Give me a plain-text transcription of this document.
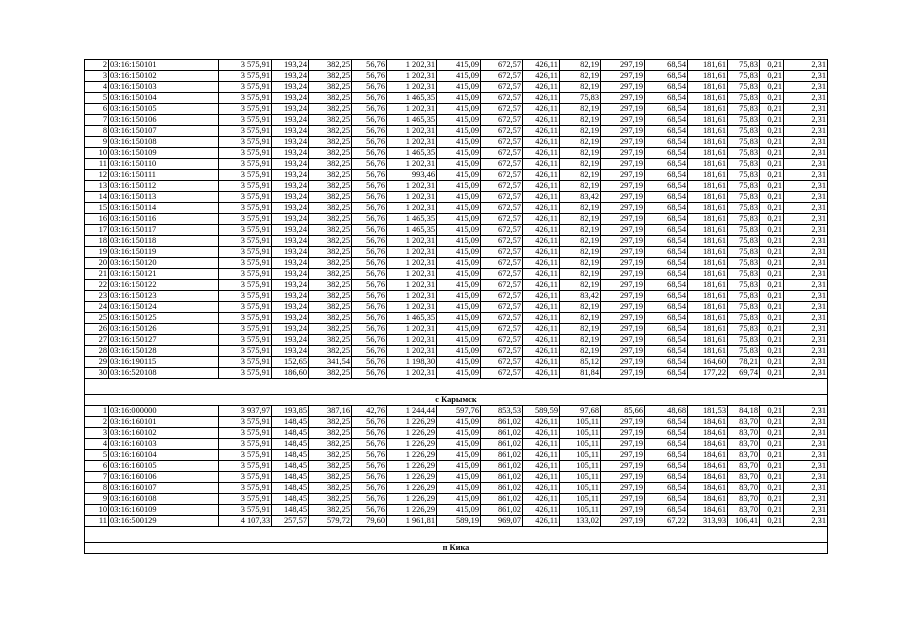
2	03:16:150101	3 575,91	193,24	382,25	56,76	1 202,31	415,09	672,57	426,11	82,19	297,19	68,54	181,61	75,83	0,21	2,31
3	03:16:150102	3 575,91	193,24	382,25	56,76	1 202,31	415,09	672,57	426,11	82,19	297,19	68,54	181,61	75,83	0,21	2,31
4	03:16:150103	3 575,91	193,24	382,25	56,76	1 202,31	415,09	672,57	426,11	82,19	297,19	68,54	181,61	75,83	0,21	2,31
5	03:16:150104	3 575,91	193,24	382,25	56,76	1 465,35	415,09	672,57	426,11	75,83	297,19	68,54	181,61	75,83	0,21	2,31
6	03:16:150105	3 575,91	193,24	382,25	56,76	1 202,31	415,09	672,57	426,11	82,19	297,19	68,54	181,61	75,83	0,21	2,31
7	03:16:150106	3 575,91	193,24	382,25	56,76	1 465,35	415,09	672,57	426,11	82,19	297,19	68,54	181,61	75,83	0,21	2,31
8	03:16:150107	3 575,91	193,24	382,25	56,76	1 202,31	415,09	672,57	426,11	82,19	297,19	68,54	181,61	75,83	0,21	2,31
9	03:16:150108	3 575,91	193,24	382,25	56,76	1 202,31	415,09	672,57	426,11	82,19	297,19	68,54	181,61	75,83	0,21	2,31
10	03:16:150109	3 575,91	193,24	382,25	56,76	1 465,35	415,09	672,57	426,11	82,19	297,19	68,54	181,61	75,83	0,21	2,31
11	03:16:150110	3 575,91	193,24	382,25	56,76	1 202,31	415,09	672,57	426,11	82,19	297,19	68,54	181,61	75,83	0,21	2,31
12	03:16:150111	3 575,91	193,24	382,25	56,76	993,46	415,09	672,57	426,11	82,19	297,19	68,54	181,61	75,83	0,21	2,31
13	03:16:150112	3 575,91	193,24	382,25	56,76	1 202,31	415,09	672,57	426,11	82,19	297,19	68,54	181,61	75,83	0,21	2,31
14	03:16:150113	3 575,91	193,24	382,25	56,76	1 202,31	415,09	672,57	426,11	83,42	297,19	68,54	181,61	75,83	0,21	2,31
15	03:16:150114	3 575,91	193,24	382,25	56,76	1 202,31	415,09	672,57	426,11	82,19	297,19	68,54	181,61	75,83	0,21	2,31
16	03:16:150116	3 575,91	193,24	382,25	56,76	1 465,35	415,09	672,57	426,11	82,19	297,19	68,54	181,61	75,83	0,21	2,31
17	03:16:150117	3 575,91	193,24	382,25	56,76	1 465,35	415,09	672,57	426,11	82,19	297,19	68,54	181,61	75,83	0,21	2,31
18	03:16:150118	3 575,91	193,24	382,25	56,76	1 202,31	415,09	672,57	426,11	82,19	297,19	68,54	181,61	75,83	0,21	2,31
19	03:16:150119	3 575,91	193,24	382,25	56,76	1 202,31	415,09	672,57	426,11	82,19	297,19	68,54	181,61	75,83	0,21	2,31
20	03:16:150120	3 575,91	193,24	382,25	56,76	1 202,31	415,09	672,57	426,11	82,19	297,19	68,54	181,61	75,83	0,21	2,31
21	03:16:150121	3 575,91	193,24	382,25	56,76	1 202,31	415,09	672,57	426,11	82,19	297,19	68,54	181,61	75,83	0,21	2,31
22	03:16:150122	3 575,91	193,24	382,25	56,76	1 202,31	415,09	672,57	426,11	82,19	297,19	68,54	181,61	75,83	0,21	2,31
23	03:16:150123	3 575,91	193,24	382,25	56,76	1 202,31	415,09	672,57	426,11	83,42	297,19	68,54	181,61	75,83	0,21	2,31
24	03:16:150124	3 575,91	193,24	382,25	56,76	1 202,31	415,09	672,57	426,11	82,19	297,19	68,54	181,61	75,83	0,21	2,31
25	03:16:150125	3 575,91	193,24	382,25	56,76	1 465,35	415,09	672,57	426,11	82,19	297,19	68,54	181,61	75,83	0,21	2,31
26	03:16:150126	3 575,91	193,24	382,25	56,76	1 202,31	415,09	672,57	426,11	82,19	297,19	68,54	181,61	75,83	0,21	2,31
27	03:16:150127	3 575,91	193,24	382,25	56,76	1 202,31	415,09	672,57	426,11	82,19	297,19	68,54	181,61	75,83	0,21	2,31
28	03:16:150128	3 575,91	193,24	382,25	56,76	1 202,31	415,09	672,57	426,11	82,19	297,19	68,54	181,61	75,83	0,21	2,31
29	03:16:190115	3 575,91	152,65	341,54	56,76	1 198,30	415,09	672,57	426,11	85,12	297,19	68,54	164,60	78,21	0,21	2,31
30	03:16:520108	3 575,91	186,60	382,25	56,76	1 202,31	415,09	672,57	426,11	81,84	297,19	68,54	177,22	69,74	0,21	2,31

с Карымск																
1	03:16:000000	3 937,97	193,85	387,16	42,76	1 244,44	597,76	853,53	589,59	97,68	85,66	48,68	181,53	84,18	0,21	2,31
2	03:16:160101	3 575,91	148,45	382,25	56,76	1 226,29	415,09	861,02	426,11	105,11	297,19	68,54	184,61	83,70	0,21	2,31
3	03:16:160102	3 575,91	148,45	382,25	56,76	1 226,29	415,09	861,02	426,11	105,11	297,19	68,54	184,61	83,70	0,21	2,31
4	03:16:160103	3 575,91	148,45	382,25	56,76	1 226,29	415,09	861,02	426,11	105,11	297,19	68,54	184,61	83,70	0,21	2,31
5	03:16:160104	3 575,91	148,45	382,25	56,76	1 226,29	415,09	861,02	426,11	105,11	297,19	68,54	184,61	83,70	0,21	2,31
6	03:16:160105	3 575,91	148,45	382,25	56,76	1 226,29	415,09	861,02	426,11	105,11	297,19	68,54	184,61	83,70	0,21	2,31
7	03:16:160106	3 575,91	148,45	382,25	56,76	1 226,29	415,09	861,02	426,11	105,11	297,19	68,54	184,61	83,70	0,21	2,31
8	03:16:160107	3 575,91	148,45	382,25	56,76	1 226,29	415,09	861,02	426,11	105,11	297,19	68,54	184,61	83,70	0,21	2,31
9	03:16:160108	3 575,91	148,45	382,25	56,76	1 226,29	415,09	861,02	426,11	105,11	297,19	68,54	184,61	83,70	0,21	2,31
10	03:16:160109	3 575,91	148,45	382,25	56,76	1 226,29	415,09	861,02	426,11	105,11	297,19	68,54	184,61	83,70	0,21	2,31
11	03:16:500129	4 107,33	257,57	579,72	79,60	1 961,81	589,19	969,07	426,11	133,02	297,19	67,22	313,93	106,41	0,21	2,31

п Кика																
